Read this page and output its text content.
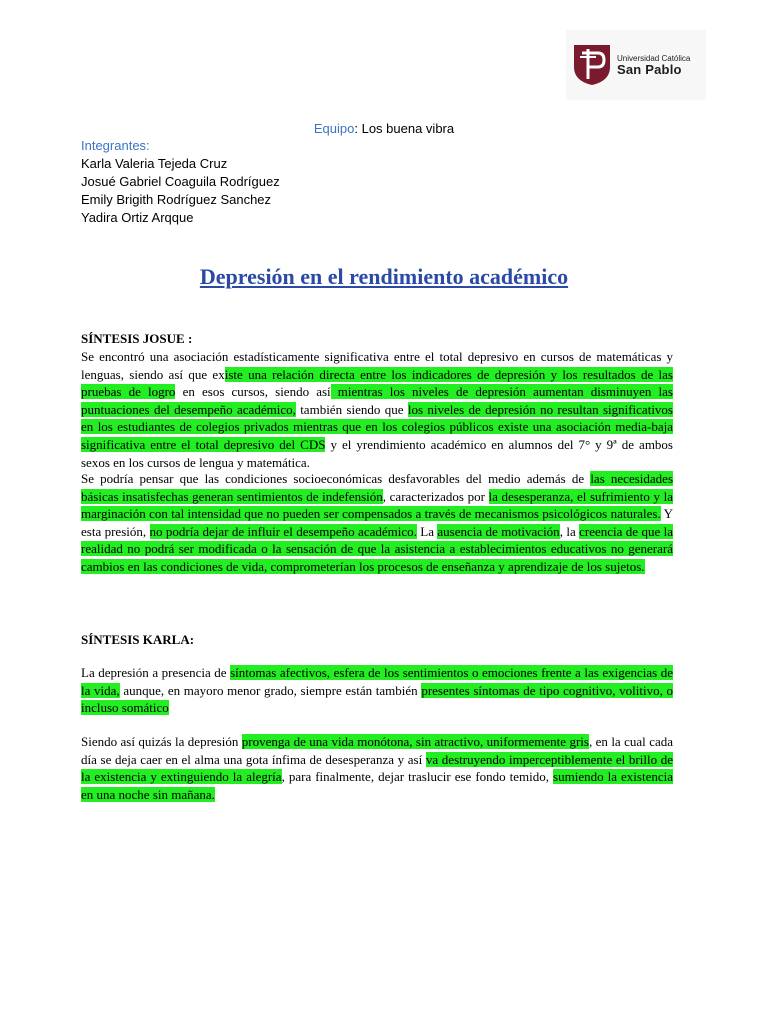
Universidad Católica
San Pablo
Equipo: Los buena vibra
Integrantes:
Karla Valeria Tejeda Cruz
Josué Gabriel Coaguila Rodríguez
Emily Brigith Rodríguez Sanchez
Yadira Ortiz Arqque
Depresión en el rendimiento académico
SÍNTESIS JOSUE :
Se encontró una asociación estadísticamente significativa entre el total depresivo en cursos de matemáticas y lenguas, siendo así que existe una relación directa entre los indicadores de depresión y los resultados de las pruebas de logro en esos cursos, siendo así mientras los niveles de depresión aumentan disminuyen las puntuaciones del desempeño académico, también siendo que los niveles de depresión no resultan significativos en los estudiantes de colegios privados mientras que en los colegios públicos existe una asociación media-baja significativa entre el total depresivo del CDS y el yrendimiento académico en alumnos del 7° y 9ª de ambos sexos en los cursos de lengua y matemática.
Se podría pensar que las condiciones socioeconómicas desfavorables del medio además de las necesidades básicas insatisfechas generan sentimientos de indefensión, caracterizados por la desesperanza, el sufrimiento y la marginación con tal intensidad que no pueden ser compensados a través de mecanismos psicológicos naturales. Y esta presión, no podría dejar de influir el desempeño académico. La ausencia de motivación, la creencia de que la realidad no podrá ser modificada o la sensación de que la asistencia a establecimientos educativos no generará cambios en las condiciones de vida, comprometerían los procesos de enseñanza y aprendizaje de los sujetos.
SÍNTESIS KARLA:
La depresión a presencia de síntomas afectivos, esfera de los sentimientos o emociones frente a las exigencias de la vida, aunque, en mayoro menor grado, siempre están también presentes síntomas de tipo cognitivo, volitivo, o incluso somático
Siendo así quizás la depresión provenga de una vida monótona, sin atractivo, uniformemente gris, en la cual cada día se deja caer en el alma una gota ínfima de desesperanza y así va destruyendo imperceptiblemente el brillo de la existencia y extinguiendo la alegría, para finalmente, dejar traslucir ese fondo temido, sumiendo la existencia en una noche sin mañana.
